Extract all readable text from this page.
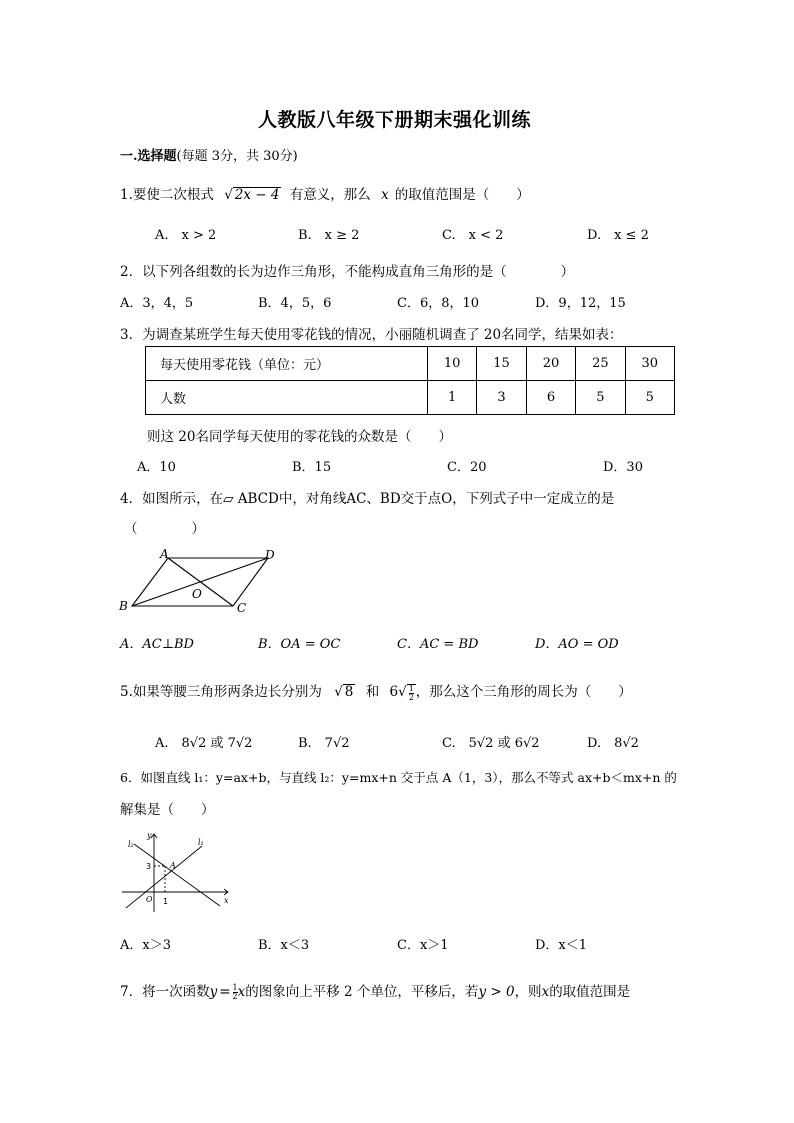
人教版八年级下册期末强化训练
一.选择题(每题 3分，共 30分)
1.要使二次根式 √ 2x − 4 有意义，那么 x 的取值范围是（　　）
A.　x > 2	B.　x ≥ 2	C.　x < 2	D.　x ≤ 2
2．以下列各组数的长为边作三角形，不能构成直角三角形的是（　　　　）
A．3，4，5	B．4，5，6	C．6，8，10	D．9，12，15
3．为调查某班学生每天使用零花钱的情况，小丽随机调查了 20名同学，结果如表：
每天使用零花钱（单位：元）	10	15	20	25	30
人数	1	3	6	5	5
则这 20名同学每天使用的零花钱的众数是（　　）
A．10	B．15	C．20	D．30
4．如图所示，在▱ ABCD中，对角线AC、BD交于点O，下列式子中一定成立的是
（　　　　）
A	D
B	C
O
A．AC⊥BD	B．OA = OC	C．AC = BD	D．AO = OD
5.如果等腰三角形两条边长分别为 √ 8 和 $6√ \frac{1}{2}$ ，那么这个三角形的周长为（　　）
A.　8√2 或 7√2	B.　7√2	C.　5√2 或 6√2	D.　8√2
6．如图直线 l₁：y=ax+b，与直线 l₂：y=mx+n 交于点 A（1，3），那么不等式 ax+b＜mx+n 的
解集是（　　）
l₂	l₁
y
x
O
A
3
1
A．x＞3	B．x＜3	C．x＞1	D．x＜1
7．将一次函数$y = \frac{1}{2}$ x的图象向上平移 2 个单位，平移后，若y > 0，则x的取值范围是
